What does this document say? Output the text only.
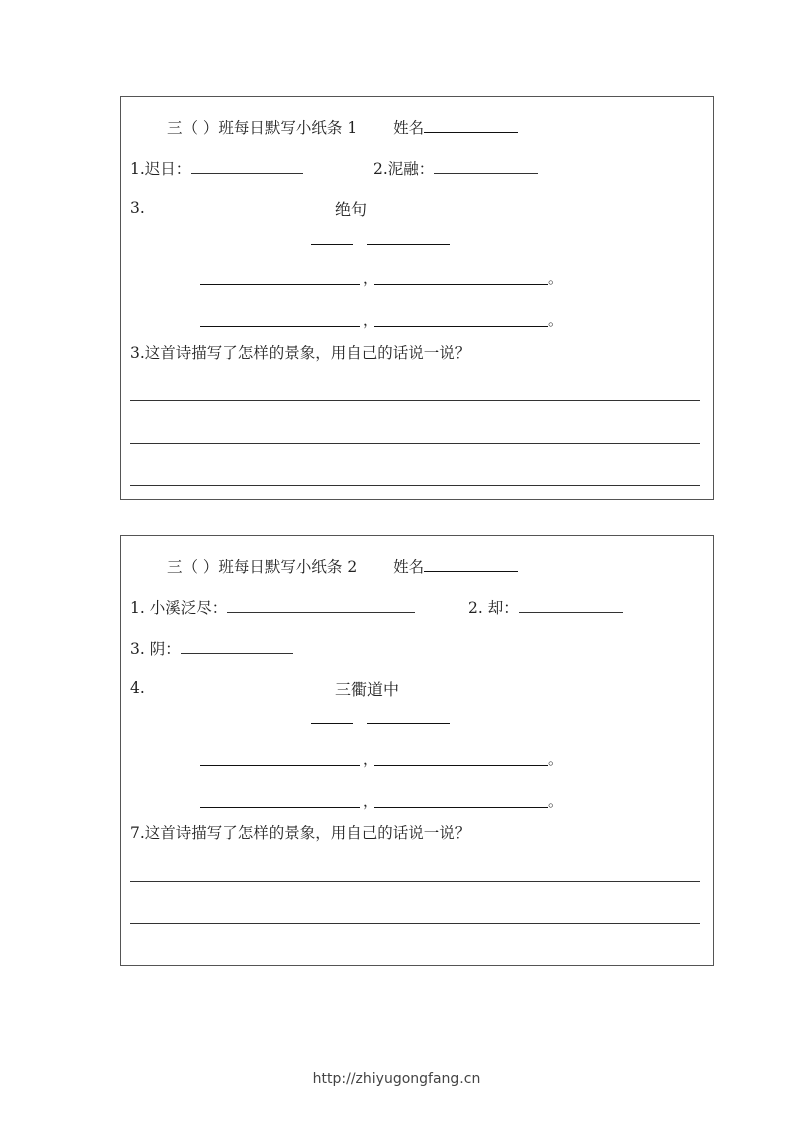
三（ ）班每日默写小纸条 1 姓名
1.迟日：	2.泥融：
3.	绝句
，	。
，	。
3.这首诗描写了怎样的景象，用自己的话说一说？
三（ ）班每日默写小纸条 2 姓名
1. 小溪泛尽：	2. 却：
3. 阴：
4.	三衢道中
，	。
，	。
7.这首诗描写了怎样的景象，用自己的话说一说？
http://zhiyugongfang.cn
